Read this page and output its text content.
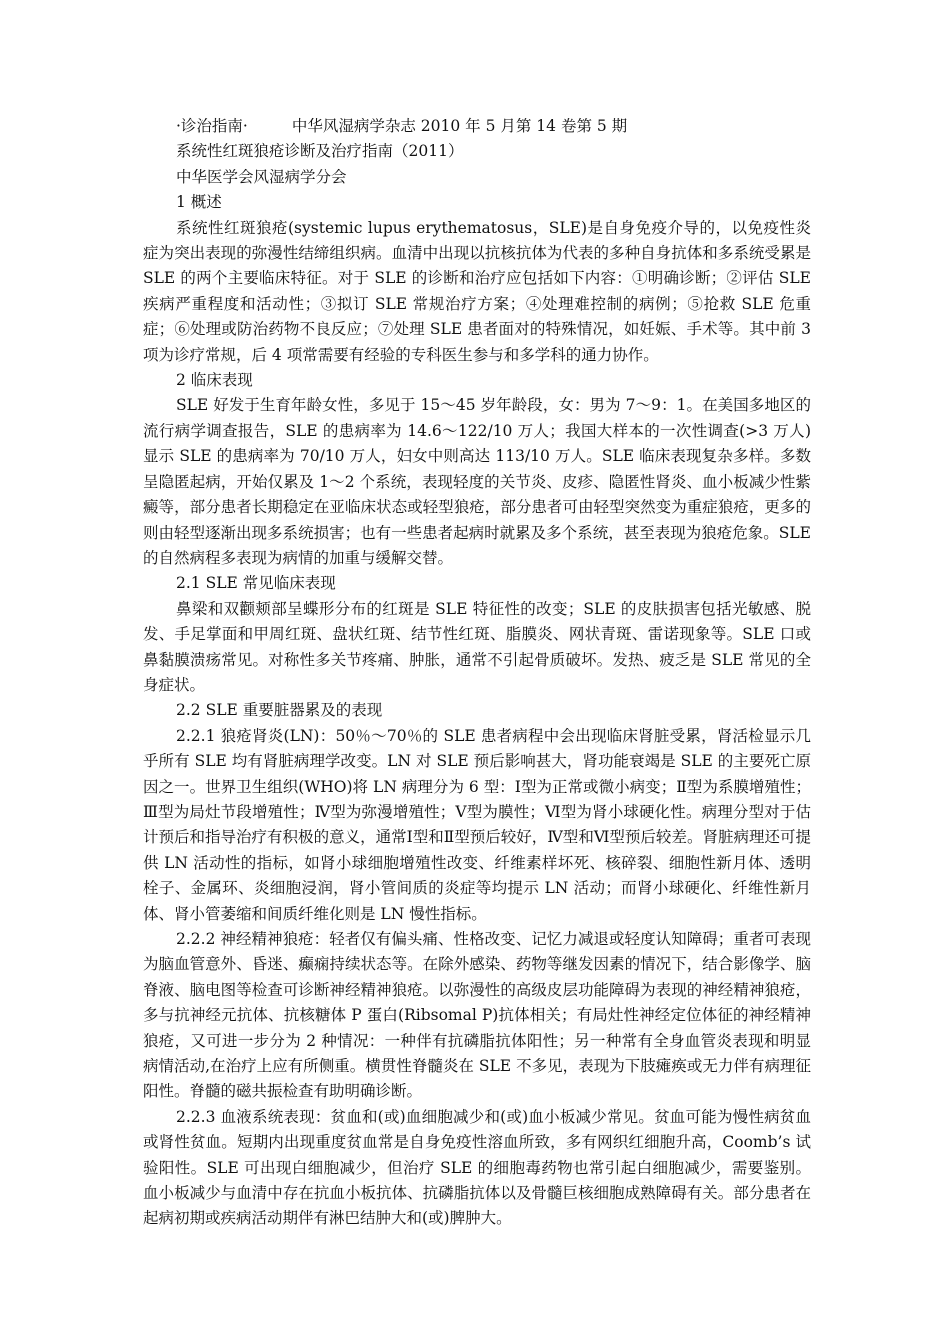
·诊治指南·	中华风湿病学杂志 2010 年 5 月第 14 卷第 5 期

系统性红斑狼疮诊断及治疗指南（2011）

中华医学会风湿病学分会

1 概述

系统性红斑狼疮(systemic lupus erythematosus，SLE)是自身免疫介导的，以免疫性炎症为突出表现的弥漫性结缔组织病。血清中出现以抗核抗体为代表的多种自身抗体和多系统受累是 SLE 的两个主要临床特征。对于 SLE 的诊断和治疗应包括如下内容：①明确诊断；②评估 SLE 疾病严重程度和活动性；③拟订 SLE 常规治疗方案；④处理难控制的病例；⑤抢救 SLE 危重症；⑥处理或防治药物不良反应；⑦处理 SLE 患者面对的特殊情况，如妊娠、手术等。其中前 3 项为诊疗常规，后 4 项常需要有经验的专科医生参与和多学科的通力协作。

2 临床表现

SLE 好发于生育年龄女性，多见于 15～45 岁年龄段，女：男为 7～9：1。在美国多地区的流行病学调查报告，SLE 的患病率为 14.6～122/10 万人；我国大样本的一次性调查(>3 万人)显示 SLE 的患病率为 70/10 万人，妇女中则高达 113/10 万人。SLE 临床表现复杂多样。多数呈隐匿起病，开始仅累及 1～2 个系统，表现轻度的关节炎、皮疹、隐匿性肾炎、血小板减少性紫癜等，部分患者长期稳定在亚临床状态或轻型狼疮，部分患者可由轻型突然变为重症狼疮，更多的则由轻型逐渐出现多系统损害；也有一些患者起病时就累及多个系统，甚至表现为狼疮危象。SLE 的自然病程多表现为病情的加重与缓解交替。

2.1 SLE 常见临床表现

鼻梁和双颧颊部呈蝶形分布的红斑是 SLE 特征性的改变；SLE 的皮肤损害包括光敏感、脱发、手足掌面和甲周红斑、盘状红斑、结节性红斑、脂膜炎、网状青斑、雷诺现象等。SLE 口或鼻黏膜溃疡常见。对称性多关节疼痛、肿胀，通常不引起骨质破坏。发热、疲乏是 SLE 常见的全身症状。

2.2 SLE 重要脏器累及的表现

2.2.1 狼疮肾炎(LN)：50％～70％的 SLE 患者病程中会出现临床肾脏受累，肾活检显示几乎所有 SLE 均有肾脏病理学改变。LN 对 SLE 预后影响甚大，肾功能衰竭是 SLE 的主要死亡原因之一。世界卫生组织(WHO)将 LN 病理分为 6 型：Ⅰ型为正常或微小病变；Ⅱ型为系膜增殖性；Ⅲ型为局灶节段增殖性；Ⅳ型为弥漫增殖性；Ⅴ型为膜性；Ⅵ型为肾小球硬化性。病理分型对于估计预后和指导治疗有积极的意义，通常Ⅰ型和Ⅱ型预后较好，Ⅳ型和Ⅵ型预后较差。肾脏病理还可提供 LN 活动性的指标，如肾小球细胞增殖性改变、纤维素样坏死、核碎裂、细胞性新月体、透明栓子、金属环、炎细胞浸润，肾小管间质的炎症等均提示 LN 活动；而肾小球硬化、纤维性新月体、肾小管萎缩和间质纤维化则是 LN 慢性指标。

2.2.2 神经精神狼疮：轻者仅有偏头痛、性格改变、记忆力减退或轻度认知障碍；重者可表现为脑血管意外、昏迷、癫痫持续状态等。在除外感染、药物等继发因素的情况下，结合影像学、脑脊液、脑电图等检查可诊断神经精神狼疮。以弥漫性的高级皮层功能障碍为表现的神经精神狼疮，多与抗神经元抗体、抗核糖体 P 蛋白(Ribsomal P)抗体相关；有局灶性神经定位体征的神经精神狼疮，又可进一步分为 2 种情况：一种伴有抗磷脂抗体阳性；另一种常有全身血管炎表现和明显病情活动,在治疗上应有所侧重。横贯性脊髓炎在 SLE 不多见，表现为下肢瘫痪或无力伴有病理征阳性。脊髓的磁共振检查有助明确诊断。

2.2.3 血液系统表现：贫血和(或)血细胞减少和(或)血小板减少常见。贫血可能为慢性病贫血或肾性贫血。短期内出现重度贫血常是自身免疫性溶血所致，多有网织红细胞升高，Coomb’s 试验阳性。SLE 可出现白细胞减少，但治疗 SLE 的细胞毒药物也常引起白细胞减少，需要鉴别。血小板减少与血清中存在抗血小板抗体、抗磷脂抗体以及骨髓巨核细胞成熟障碍有关。部分患者在起病初期或疾病活动期伴有淋巴结肿大和(或)脾肿大。
